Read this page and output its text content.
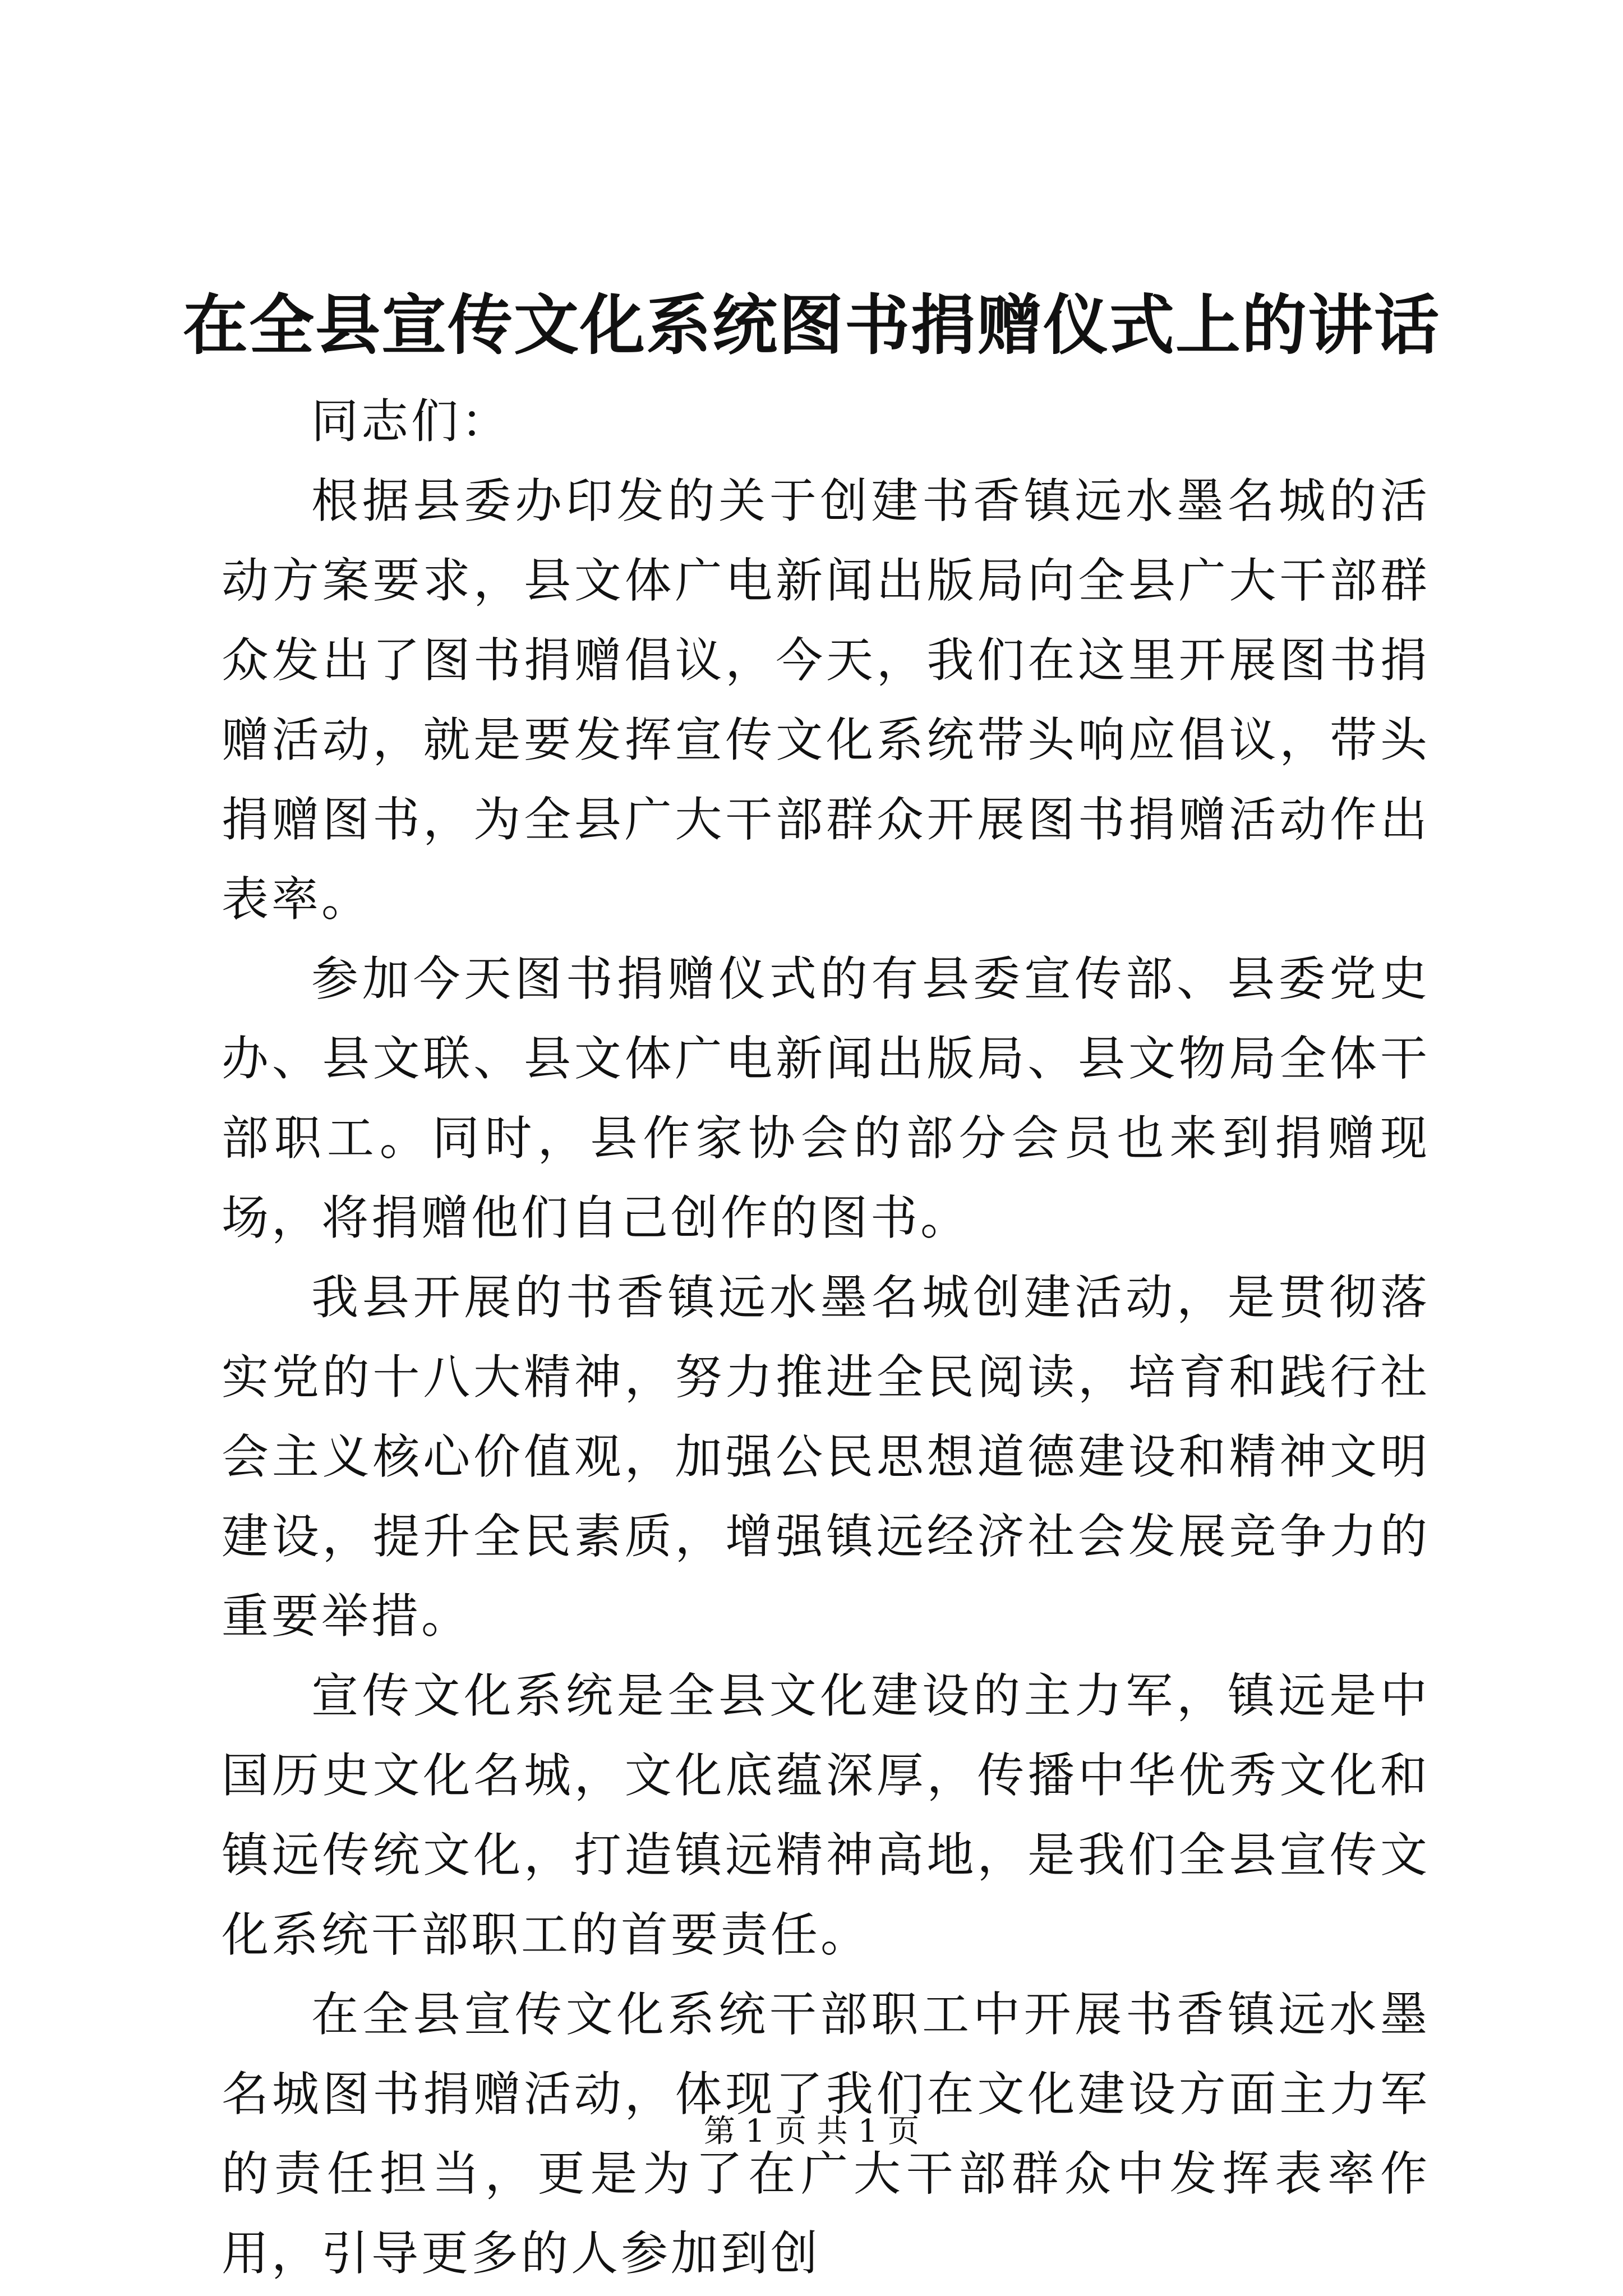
在全县宣传文化系统图书捐赠仪式上的讲话

同志们：

根据县委办印发的关于创建书香镇远水墨名城的活动方案要求，县文体广电新闻出版局向全县广大干部群众发出了图书捐赠倡议，今天，我们在这里开展图书捐赠活动，就是要发挥宣传文化系统带头响应倡议，带头捐赠图书，为全县广大干部群众开展图书捐赠活动作出表率。

参加今天图书捐赠仪式的有县委宣传部、县委党史办、县文联、县文体广电新闻出版局、县文物局全体干部职工。同时，县作家协会的部分会员也来到捐赠现场，将捐赠他们自己创作的图书。

我县开展的书香镇远水墨名城创建活动，是贯彻落实党的十八大精神，努力推进全民阅读，培育和践行社会主义核心价值观，加强公民思想道德建设和精神文明建设，提升全民素质，增强镇远经济社会发展竞争力的重要举措。

宣传文化系统是全县文化建设的主力军，镇远是中国历史文化名城，文化底蕴深厚，传播中华优秀文化和镇远传统文化，打造镇远精神高地，是我们全县宣传文化系统干部职工的首要责任。

在全县宣传文化系统干部职工中开展书香镇远水墨名城图书捐赠活动，体现了我们在文化建设方面主力军的责任担当，更是为了在广大干部群众中发挥表率作用，引导更多的人参加到创

第 1 页 共 1 页
